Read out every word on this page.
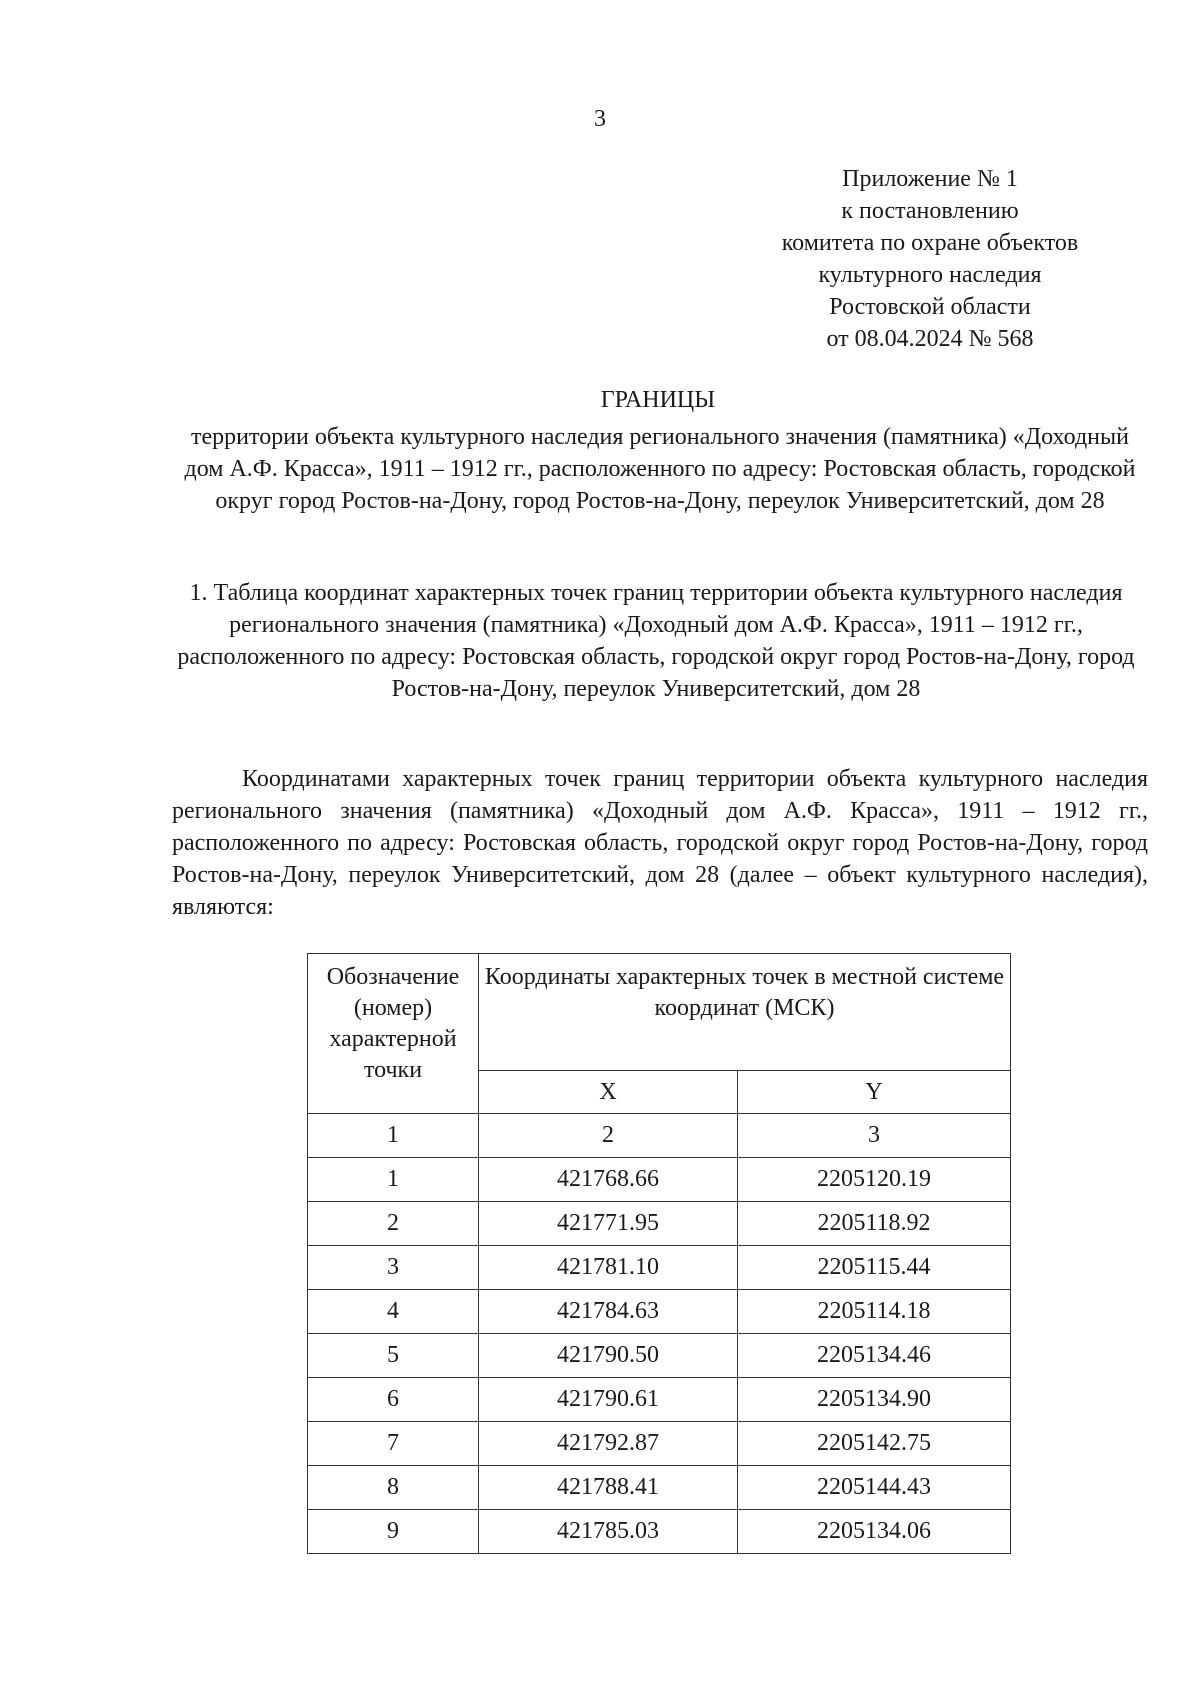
3
Приложение № 1
к постановлению
комитета по охране объектов
культурного наследия
Ростовской области
от 08.04.2024 № 568
ГРАНИЦЫ
территории объекта культурного наследия регионального значения (памятника) «Доходный дом А.Ф. Красса», 1911 – 1912 гг., расположенного по адресу: Ростовская область, городской округ город Ростов-на-Дону, город Ростов-на-Дону, переулок Университетский, дом 28
1. Таблица координат характерных точек границ территории объекта культурного наследия регионального значения (памятника) «Доходный дом А.Ф. Красса», 1911 – 1912 гг., расположенного по адресу: Ростовская область, городской округ город Ростов-на-Дону, город Ростов-на-Дону, переулок Университетский, дом 28
Координатами характерных точек границ территории объекта культурного наследия регионального значения (памятника) «Доходный дом А.Ф. Красса», 1911 – 1912 гг., расположенного по адресу: Ростовская область, городской округ город Ростов-на-Дону, город Ростов-на-Дону, переулок Университетский, дом 28 (далее – объект культурного наследия), являются:
Обозначение (номер) характерной точки	Координаты характерных точек в местной системе координат (МСК)	
	X	Y
1	2	3
1	421768.66	2205120.19
2	421771.95	2205118.92
3	421781.10	2205115.44
4	421784.63	2205114.18
5	421790.50	2205134.46
6	421790.61	2205134.90
7	421792.87	2205142.75
8	421788.41	2205144.43
9	421785.03	2205134.06
